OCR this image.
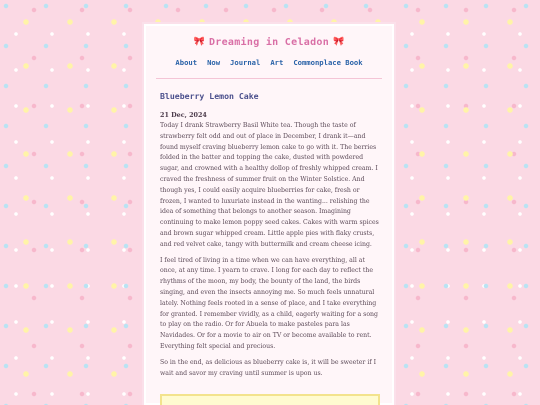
🎀 Dreaming in Celadon 🎀
About Now Journal Art Commonplace Book
Blueberry Lemon Cake
21 Dec, 2024

Today I drank Strawberry Basil White tea. Though the taste of strawberry felt odd and out of place in December, I drank it—and found myself craving blueberry lemon cake to go with it. The berries folded in the batter and topping the cake, dusted with powdered sugar, and crowned with a healthy dollop of freshly whipped cream. I craved the freshness of summer fruit on the Winter Solstice. And though yes, I could easily acquire blueberries for cake, fresh or frozen, I wanted to luxuriate instead in the wanting... relishing the idea of something that belongs to another season. Imagining continuing to make lemon poppy seed cakes. Cakes with warm spices and brown sugar whipped cream. Little apple pies with flaky crusts, and red velvet cake, tangy with buttermilk and cream cheese icing.

I feel tired of living in a time when we can have everything, all at once, at any time. I yearn to crave. I long for each day to reflect the rhythms of the moon, my body, the bounty of the land, the birds singing, and even the insects annoying me. So much feels unnatural lately. Nothing feels rooted in a sense of place, and I take everything for granted. I remember vividly, as a child, eagerly waiting for a song to play on the radio. Or for Abuela to make pasteles para las Navidades. Or for a movie to air on TV or become available to rent. Everything felt special and precious.

So in the end, as delicious as blueberry cake is, it will be sweeter if I wait and savor my craving until summer is upon us.
